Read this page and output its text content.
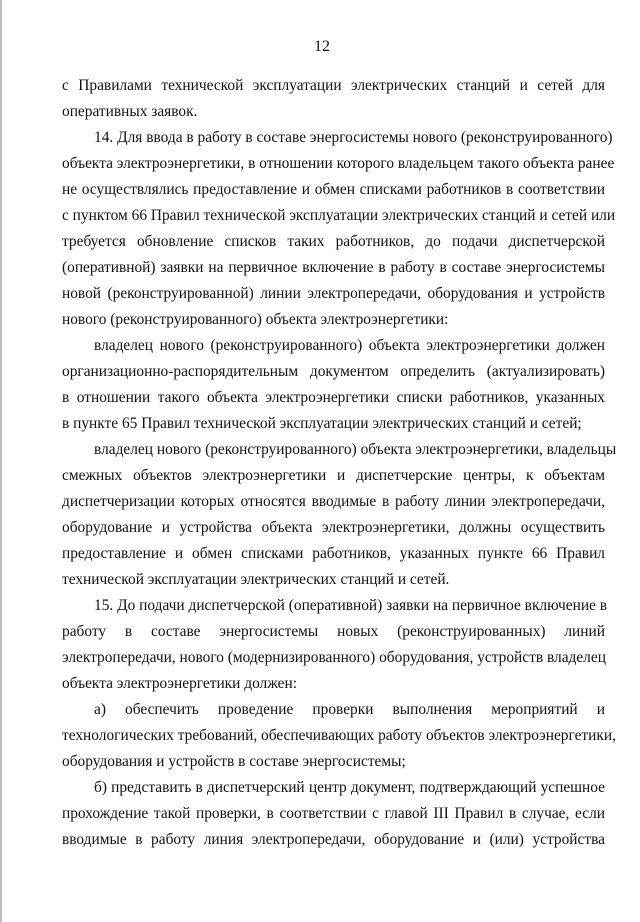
12
с Правилами технической эксплуатации электрических станций и сетей для
оперативных заявок.
14. Для ввода в работу в составе энергосистемы нового (реконструированного)
объекта электроэнергетики, в отношении которого владельцем такого объекта ранее
не осуществлялись предоставление и обмен списками работников в соответствии
с пунктом 66 Правил технической эксплуатации электрических станций и сетей или
требуется обновление списков таких работников, до подачи диспетчерской
(оперативной) заявки на первичное включение в работу в составе энергосистемы
новой (реконструированной) линии электропередачи, оборудования и устройств
нового (реконструированного) объекта электроэнергетики:
владелец нового (реконструированного) объекта электроэнергетики должен
организационно-распорядительным документом определить (актуализировать)
в отношении такого объекта электроэнергетики списки работников, указанных
в пункте 65 Правил технической эксплуатации электрических станций и сетей;
владелец нового (реконструированного) объекта электроэнергетики, владельцы
смежных объектов электроэнергетики и диспетчерские центры, к объектам
диспетчеризации которых относятся вводимые в работу линии электропередачи,
оборудование и устройства объекта электроэнергетики, должны осуществить
предоставление и обмен списками работников, указанных пункте 66 Правил
технической эксплуатации электрических станций и сетей.
15. До подачи диспетчерской (оперативной) заявки на первичное включение в
работу в составе энергосистемы новых (реконструированных) линий
электропередачи, нового (модернизированного) оборудования, устройств владелец
объекта электроэнергетики должен:
а) обеспечить проведение проверки выполнения мероприятий и
технологических требований, обеспечивающих работу объектов электроэнергетики,
оборудования и устройств в составе энергосистемы;
б) представить в диспетчерский центр документ, подтверждающий успешное
прохождение такой проверки, в соответствии с главой III Правил в случае, если
вводимые в работу линия электропередачи, оборудование и (или) устройства
